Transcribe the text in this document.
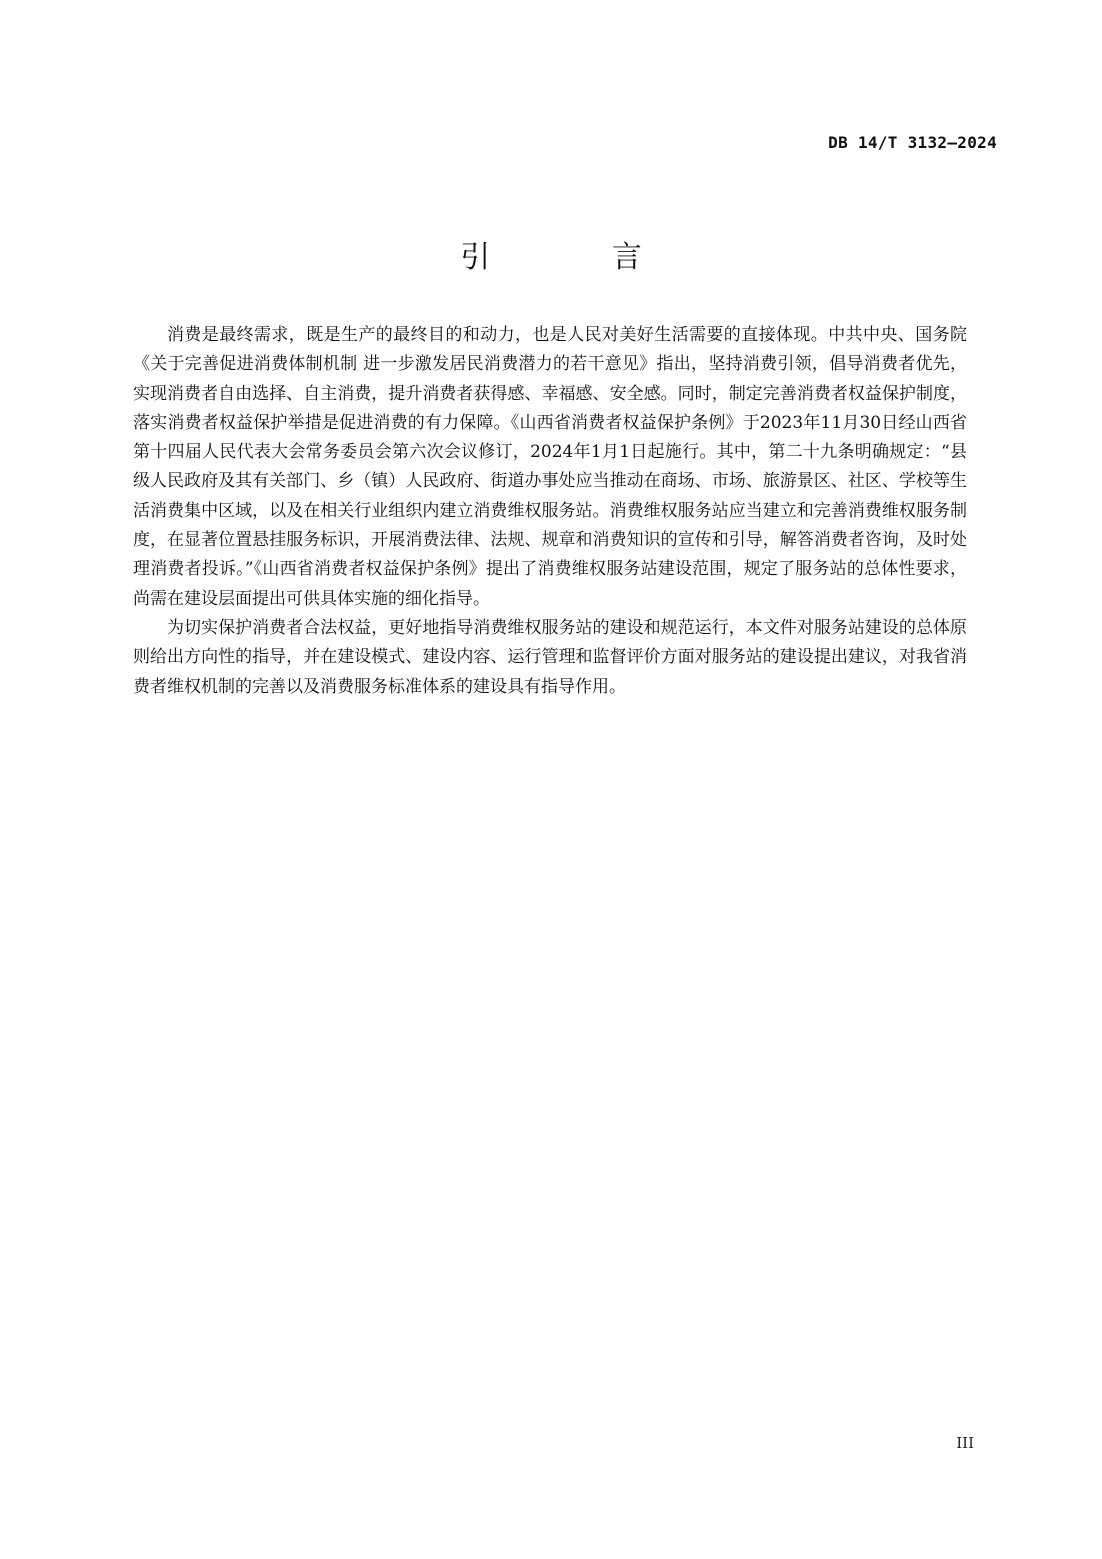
DB 14/T 3132—2024
引 言

消费是最终需求，既是生产的最终目的和动力，也是人民对美好生活需要的直接体现。中共中央、国务院《关于完善促进消费体制机制 进一步激发居民消费潜力的若干意见》指出，坚持消费引领，倡导消费者优先，实现消费者自由选择、自主消费，提升消费者获得感、幸福感、安全感。同时，制定完善消费者权益保护制度，落实消费者权益保护举措是促进消费的有力保障。《山西省消费者权益保护条例》于2023年11月30日经山西省第十四届人民代表大会常务委员会第六次会议修订，2024年1月1日起施行。其中，第二十九条明确规定：“县级人民政府及其有关部门、乡（镇）人民政府、街道办事处应当推动在商场、市场、旅游景区、社区、学校等生活消费集中区域，以及在相关行业组织内建立消费维权服务站。消费维权服务站应当建立和完善消费维权服务制度，在显著位置悬挂服务标识，开展消费法律、法规、规章和消费知识的宣传和引导，解答消费者咨询，及时处理消费者投诉。”《山西省消费者权益保护条例》提出了消费维权服务站建设范围，规定了服务站的总体性要求，尚需在建设层面提出可供具体实施的细化指导。

为切实保护消费者合法权益，更好地指导消费维权服务站的建设和规范运行，本文件对服务站建设的总体原则给出方向性的指导，并在建设模式、建设内容、运行管理和监督评价方面对服务站的建设提出建议，对我省消费者维权机制的完善以及消费服务标准体系的建设具有指导作用。

III
